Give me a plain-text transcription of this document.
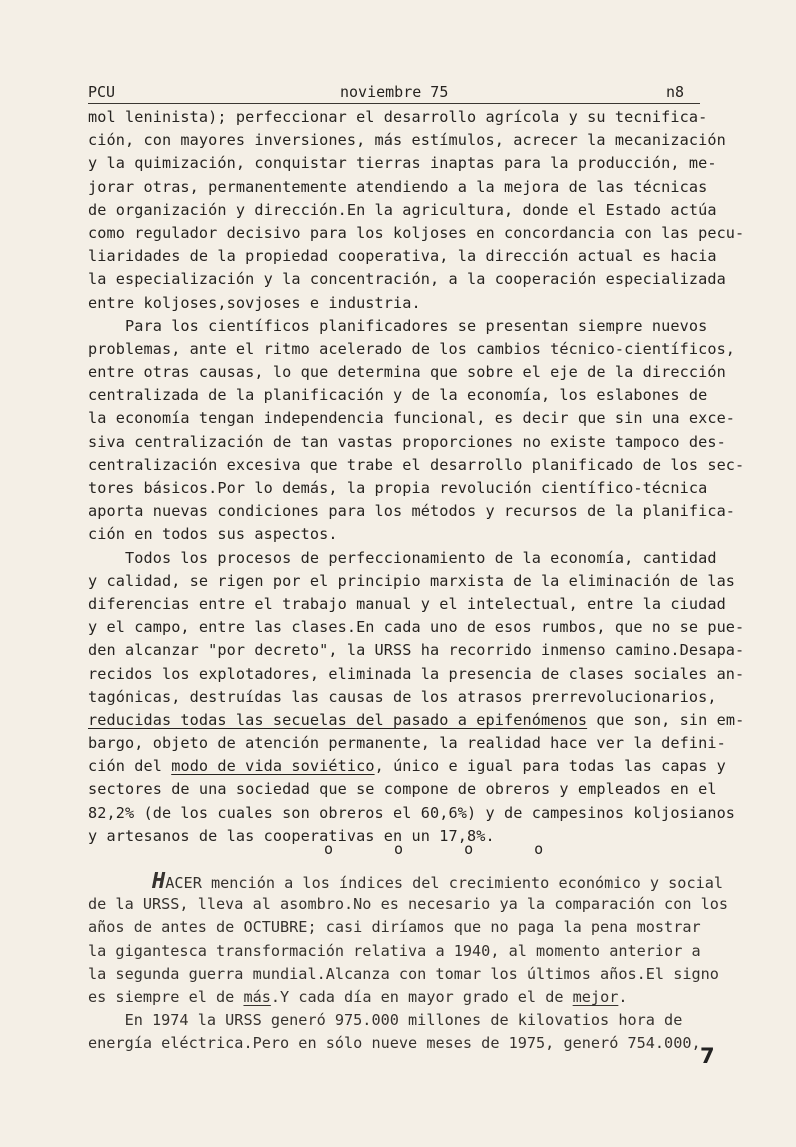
PCU	noviembre 75	n8
mol leninista); perfeccionar el desarrollo agrícola y su tecnifica-
ción, con mayores inversiones, más estímulos, acrecer la mecanización
y la quimización, conquistar tierras inaptas para la producción, me-
jorar otras, permanentemente atendiendo a la mejora de las técnicas
de organización y dirección.En la agricultura, donde el Estado actúa
como regulador decisivo para los koljoses en concordancia con las pecu-
liaridades de la propiedad cooperativa, la dirección actual es hacia
la especialización y la concentración, a la cooperación especializada
entre koljoses,sovjoses e industria.
Para los científicos planificadores se presentan siempre nuevos
problemas, ante el ritmo acelerado de los cambios técnico-científicos,
entre otras causas, lo que determina que sobre el eje de la dirección
centralizada de la planificación y de la economía, los eslabones de
la economía tengan independencia funcional, es decir que sin una exce-
siva centralización de tan vastas proporciones no existe tampoco des-
centralización excesiva que trabe el desarrollo planificado de los sec-
tores básicos.Por lo demás, la propia revolución científico-técnica
aporta nuevas condiciones para los métodos y recursos de la planifica-
ción en todos sus aspectos.
Todos los procesos de perfeccionamiento de la economía, cantidad
y calidad, se rigen por el principio marxista de la eliminación de las
diferencias entre el trabajo manual y el intelectual, entre la ciudad
y el campo, entre las clases.En cada uno de esos rumbos, que no se pue-
den alcanzar "por decreto", la URSS ha recorrido inmenso camino.Desapa-
recidos los explotadores, eliminada la presencia de clases sociales an-
tagónicas, destruídas las causas de los atrasos prerrevolucionarios,
reducidas todas las secuelas del pasado a epifenómenos que son, sin em-
bargo, objeto de atención permanente, la realidad hace ver la defini-
ción del modo de vida soviético, único e igual para todas las capas y
sectores de una sociedad que se compone de obreros y empleados en el
82,2% (de los cuales son obreros el 60,6%) y de campesinos koljosianos
y artesanos de las cooperativas en un 17,8%.
o o o o
HACER mención a los índices del crecimiento económico y social
de la URSS, lleva al asombro.No es necesario ya la comparación con los
años de antes de OCTUBRE; casi diríamos que no paga la pena mostrar
la gigantesca transformación relativa a 1940, al momento anterior a
la segunda guerra mundial.Alcanza con tomar los últimos años.El signo
es siempre el de más.Y cada día en mayor grado el de mejor.
En 1974 la URSS generó 975.000 millones de kilovatios hora de
energía eléctrica.Pero en sólo nueve meses de 1975, generó 754.000,
7
